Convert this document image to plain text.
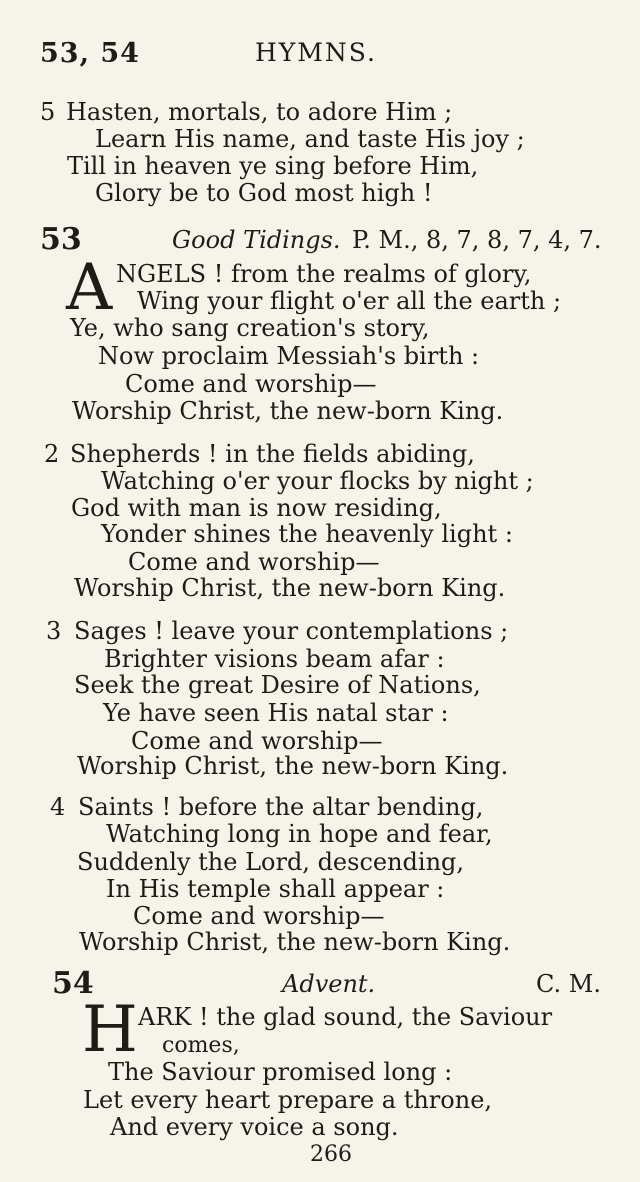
53, 54	HYMNS.
5 Hasten, mortals, to adore Him ;
Learn His name, and taste His joy ;
Till in heaven ye sing before Him,
Glory be to God most high !
53	Good Tidings. P. M., 8, 7, 8, 7, 4, 7.
A NGELS ! from the realms of glory,
Wing your flight o'er all the earth ;
Ye, who sang creation's story,
Now proclaim Messiah's birth :
Come and worship—
Worship Christ, the new-born King.
2 Shepherds ! in the fields abiding,
Watching o'er your flocks by night ;
God with man is now residing,
Yonder shines the heavenly light :
Come and worship—
Worship Christ, the new-born King.
3 Sages ! leave your contemplations ;
Brighter visions beam afar :
Seek the great Desire of Nations,
Ye have seen His natal star :
Come and worship—
Worship Christ, the new-born King.
4 Saints ! before the altar bending,
Watching long in hope and fear,
Suddenly the Lord, descending,
In His temple shall appear :
Come and worship—
Worship Christ, the new-born King.
54	Advent.	C. M.
H ARK ! the glad sound, the Saviour
comes,
The Saviour promised long :
Let every heart prepare a throne,
And every voice a song.
266
